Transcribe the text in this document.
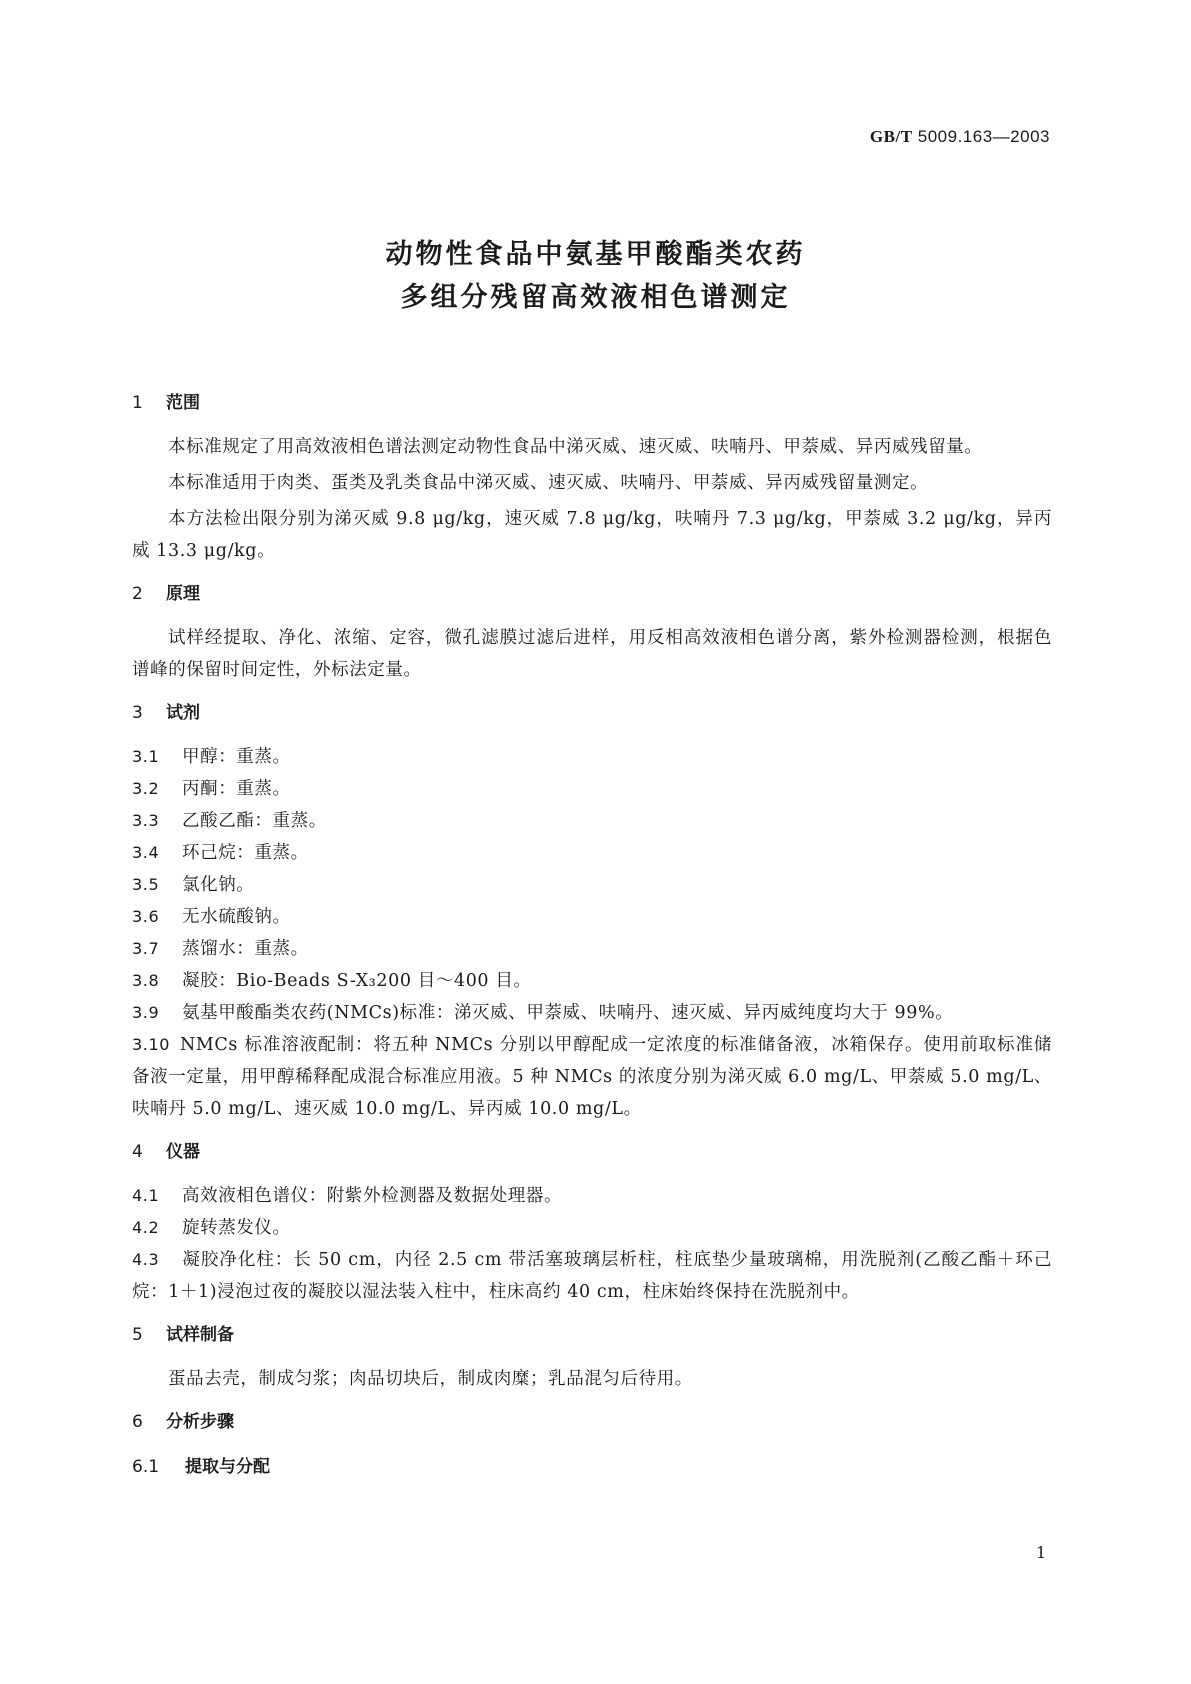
GB/T 5009.163—2003
动物性食品中氨基甲酸酯类农药
多组分残留高效液相色谱测定
1 范围
本标准规定了用高效液相色谱法测定动物性食品中涕灭威、速灭威、呋喃丹、甲萘威、异丙威残留量。
本标准适用于肉类、蛋类及乳类食品中涕灭威、速灭威、呋喃丹、甲萘威、异丙威残留量测定。
本方法检出限分别为涕灭威 9.8 μg/kg，速灭威 7.8 μg/kg，呋喃丹 7.3 μg/kg，甲萘威 3.2 μg/kg，异丙威 13.3 μg/kg。
2 原理
试样经提取、净化、浓缩、定容，微孔滤膜过滤后进样，用反相高效液相色谱分离，紫外检测器检测，根据色谱峰的保留时间定性，外标法定量。
3 试剂
3.1 甲醇：重蒸。
3.2 丙酮：重蒸。
3.3 乙酸乙酯：重蒸。
3.4 环己烷：重蒸。
3.5 氯化钠。
3.6 无水硫酸钠。
3.7 蒸馏水：重蒸。
3.8 凝胶：Bio-Beads S-X₃200 目～400 目。
3.9 氨基甲酸酯类农药(NMCs)标准：涕灭威、甲萘威、呋喃丹、速灭威、异丙威纯度均大于 99%。
3.10 NMCs 标准溶液配制：将五种 NMCs 分别以甲醇配成一定浓度的标准储备液，冰箱保存。使用前取标准储备液一定量，用甲醇稀释配成混合标准应用液。5 种 NMCs 的浓度分别为涕灭威 6.0 mg/L、甲萘威 5.0 mg/L、呋喃丹 5.0 mg/L、速灭威 10.0 mg/L、异丙威 10.0 mg/L。
4 仪器
4.1 高效液相色谱仪：附紫外检测器及数据处理器。
4.2 旋转蒸发仪。
4.3 凝胶净化柱：长 50 cm，内径 2.5 cm 带活塞玻璃层析柱，柱底垫少量玻璃棉，用洗脱剂(乙酸乙酯＋环己烷：1＋1)浸泡过夜的凝胶以湿法装入柱中，柱床高约 40 cm，柱床始终保持在洗脱剂中。
5 试样制备
蛋品去壳，制成匀浆；肉品切块后，制成肉糜；乳品混匀后待用。
6 分析步骤
6.1 提取与分配
1
